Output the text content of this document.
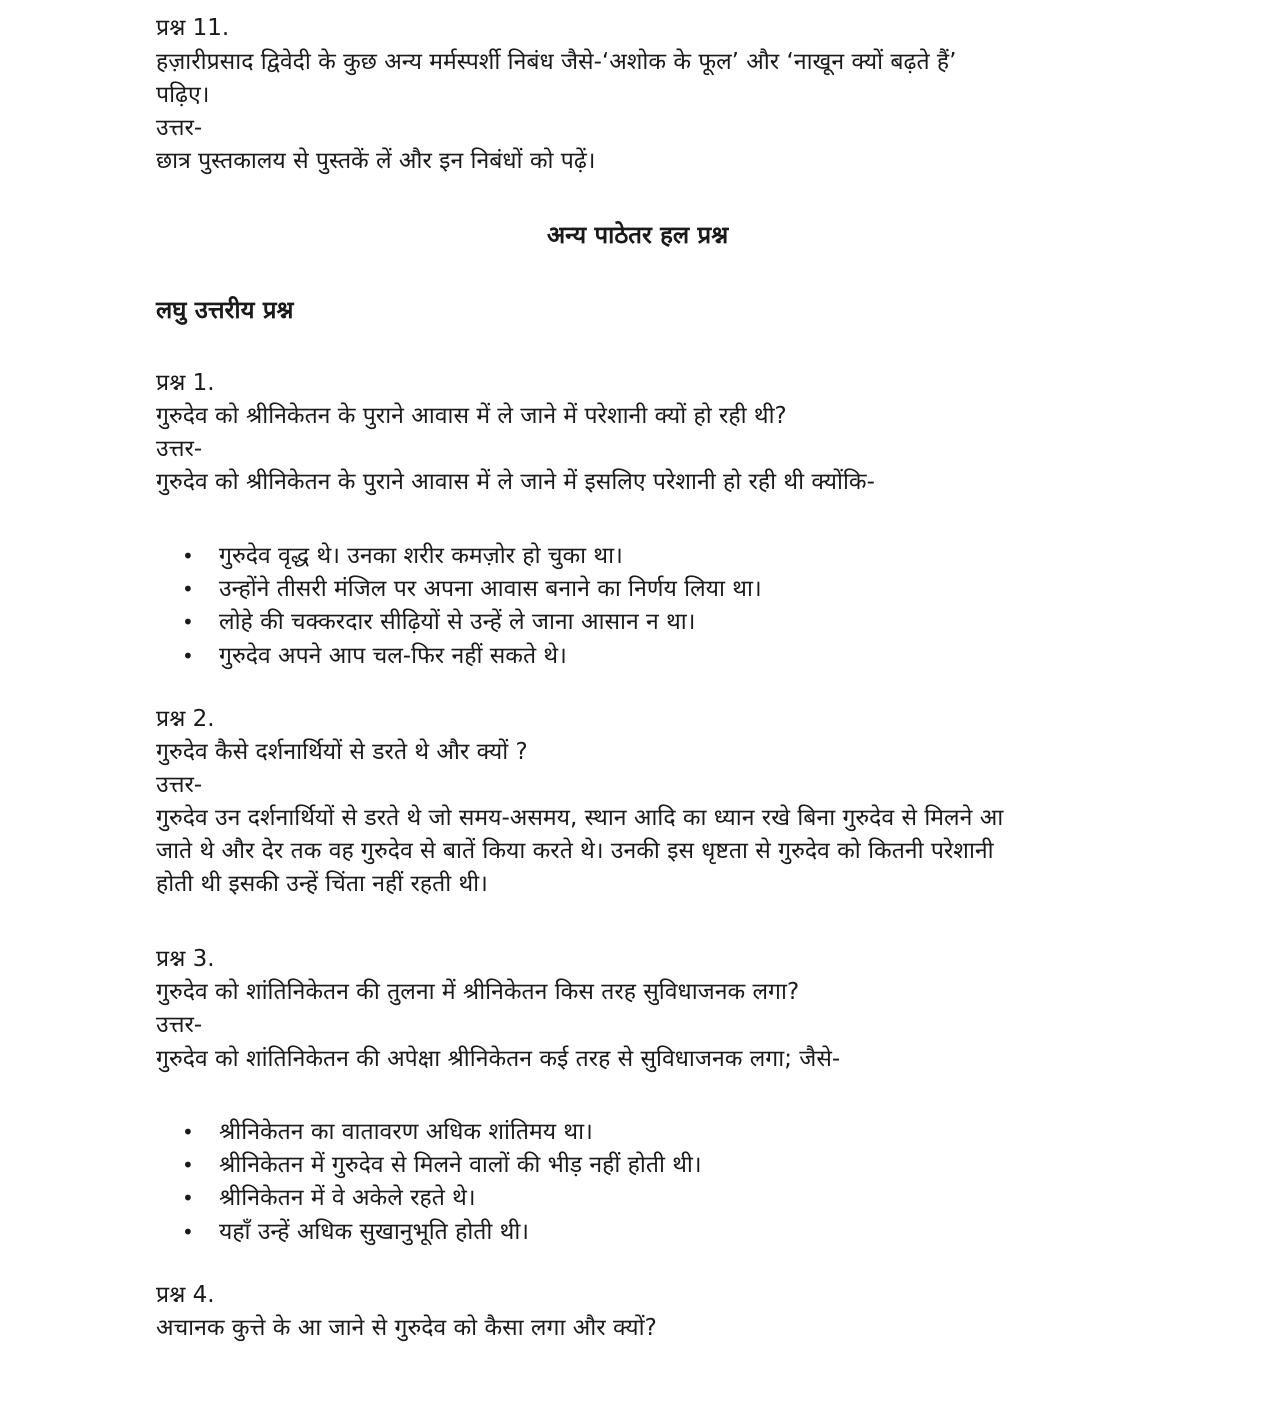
प्रश्न 11.

हज़ारीप्रसाद द्विवेदी के कुछ अन्य मर्मस्पर्शी निबंध जैसे-‘अशोक के फूल’ और ‘नाखून क्यों बढ़ते हैं’

पढ़िए।

उत्तर-

छात्र पुस्तकालय से पुस्तकें लें और इन निबंधों को पढ़ें।

अन्य पाठेतर हल प्रश्न
लघु उत्तरीय प्रश्न

प्रश्न 1.

गुरुदेव को श्रीनिकेतन के पुराने आवास में ले जाने में परेशानी क्यों हो रही थी?

उत्तर-

गुरुदेव को श्रीनिकेतन के पुराने आवास में ले जाने में इसलिए परेशानी हो रही थी क्योंकि-

• गुरुदेव वृद्ध थे। उनका शरीर कमज़ोर हो चुका था।

• उन्होंने तीसरी मंजिल पर अपना आवास बनाने का निर्णय लिया था।

• लोहे की चक्करदार सीढ़ियों से उन्हें ले जाना आसान न था।

• गुरुदेव अपने आप चल-फिर नहीं सकते थे।

प्रश्न 2.

गुरुदेव कैसे दर्शनार्थियों से डरते थे और क्यों ?

उत्तर-

गुरुदेव उन दर्शनार्थियों से डरते थे जो समय-असमय, स्थान आदि का ध्यान रखे बिना गुरुदेव से मिलने आ

जाते थे और देर तक वह गुरुदेव से बातें किया करते थे। उनकी इस धृष्टता से गुरुदेव को कितनी परेशानी

होती थी इसकी उन्हें चिंता नहीं रहती थी।

प्रश्न 3.

गुरुदेव को शांतिनिकेतन की तुलना में श्रीनिकेतन किस तरह सुविधाजनक लगा?

उत्तर-

गुरुदेव को शांतिनिकेतन की अपेक्षा श्रीनिकेतन कई तरह से सुविधाजनक लगा; जैसे-

• श्रीनिकेतन का वातावरण अधिक शांतिमय था।

• श्रीनिकेतन में गुरुदेव से मिलने वालों की भीड़ नहीं होती थी।

• श्रीनिकेतन में वे अकेले रहते थे।

• यहाँ उन्हें अधिक सुखानुभूति होती थी।

प्रश्न 4.

अचानक कुत्ते के आ जाने से गुरुदेव को कैसा लगा और क्यों?
